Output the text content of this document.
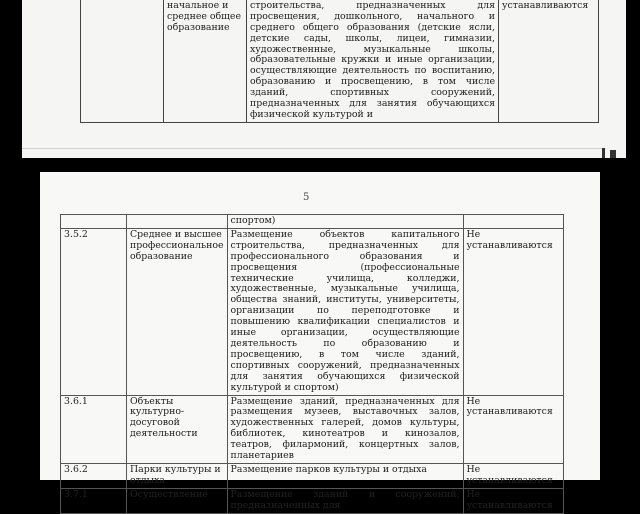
	начальное и среднее общее образование	строительства, предназначенных для просвещения, дошкольного, начального и среднего общего образования (детские ясли, детские сады, школы, лицеи, гимназии, художественные, музыкальные школы, образовательные кружки и иные организации, осуществляющие деятельность по воспитанию, образованию и просвещению, в том числе зданий, спортивных сооружений, предназначенных для занятия обучающихся физической культурой и	устанавливаются
5
		спортом)	
3.5.2	Среднее и высшее профессиональное образование	Размещение объектов капитального строительства, предназначенных для профессионального образования и просвещения (профессиональные технические училища, колледжи, художественные, музыкальные училища, общества знаний, институты, университеты, организации по переподготовке и повышению квалификации специалистов и иные организации, осуществляющие деятельность по образованию и просвещению, в том числе зданий, спортивных сооружений, предназначенных для занятия обучающихся физической культурой и спортом)	Не устанавливаются
3.6.1	Объекты культурно-досуговой деятельности	Размещение зданий, предназначенных для размещения музеев, выставочных залов, художественных галерей, домов культуры, библиотек, кинотеатров и кинозалов, театров, филармоний, концертных залов, планетариев	Не устанавливаются
3.6.2	Парки культуры и отдыха	Размещение парков культуры и отдыха	Не устанавливаются
3.7.1	Осуществление	Размещение зданий и сооружений, предназначенных для	Не устанавливаются
